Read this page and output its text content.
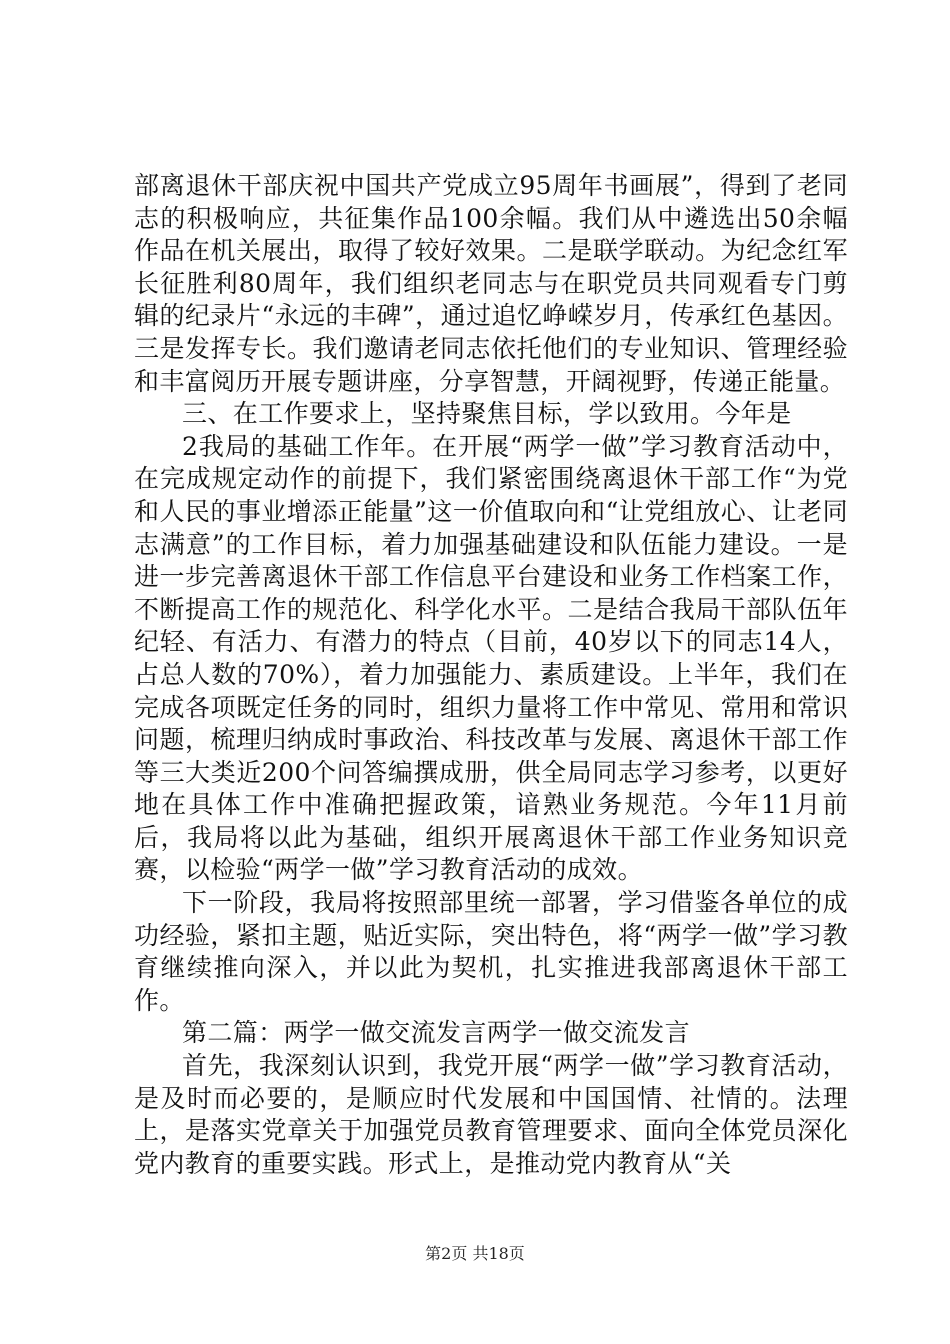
部离退休干部庆祝中国共产党成立95周年书画展”，得到了老同志的积极响应，共征集作品100余幅。我们从中遴选出50余幅作品在机关展出，取得了较好效果。二是联学联动。为纪念红军长征胜利80周年，我们组织老同志与在职党员共同观看专门剪辑的纪录片“永远的丰碑”，通过追忆峥嵘岁月，传承红色基因。三是发挥专长。我们邀请老同志依托他们的专业知识、管理经验和丰富阅历开展专题讲座，分享智慧，开阔视野，传递正能量。

三、在工作要求上，坚持聚焦目标，学以致用。今年是

2我局的基础工作年。在开展“两学一做”学习教育活动中，在完成规定动作的前提下，我们紧密围绕离退休干部工作“为党和人民的事业增添正能量”这一价值取向和“让党组放心、让老同志满意”的工作目标，着力加强基础建设和队伍能力建设。一是进一步完善离退休干部工作信息平台建设和业务工作档案工作，不断提高工作的规范化、科学化水平。二是结合我局干部队伍年纪轻、有活力、有潜力的特点（目前，40岁以下的同志14人，占总人数的70%），着力加强能力、素质建设。上半年，我们在完成各项既定任务的同时，组织力量将工作中常见、常用和常识问题，梳理归纳成时事政治、科技改革与发展、离退休干部工作等三大类近200个问答编撰成册，供全局同志学习参考，以更好地在具体工作中准确把握政策，谙熟业务规范。今年11月前后，我局将以此为基础，组织开展离退休干部工作业务知识竞赛，以检验“两学一做”学习教育活动的成效。

下一阶段，我局将按照部里统一部署，学习借鉴各单位的成功经验，紧扣主题，贴近实际，突出特色，将“两学一做”学习教育继续推向深入，并以此为契机，扎实推进我部离退休干部工作。

第二篇：两学一做交流发言两学一做交流发言

首先，我深刻认识到，我党开展“两学一做”学习教育活动，是及时而必要的，是顺应时代发展和中国国情、社情的。法理上，是落实党章关于加强党员教育管理要求、面向全体党员深化党内教育的重要实践。形式上，是推动党内教育从“关

第2页 共18页
